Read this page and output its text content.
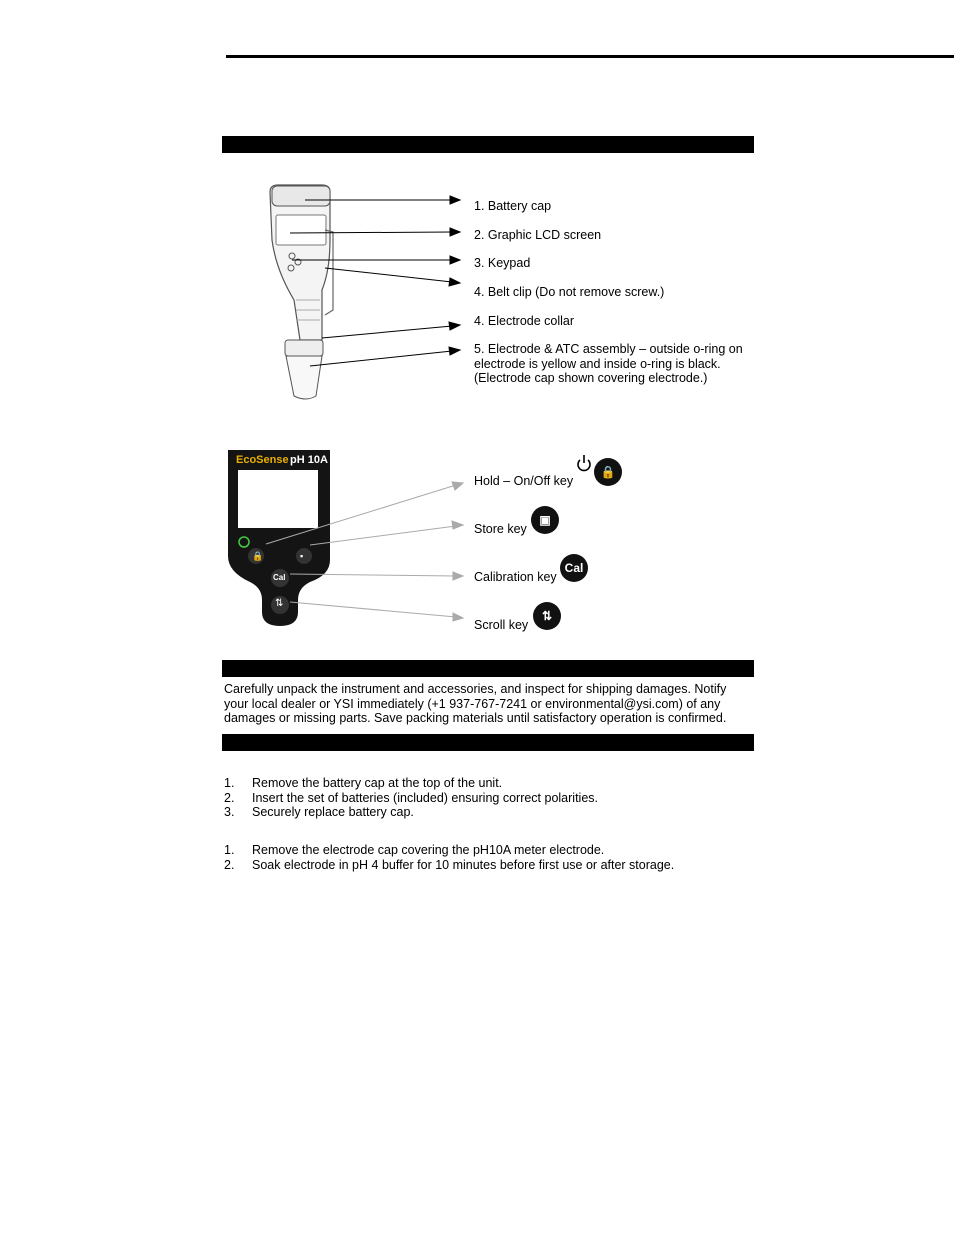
1. Battery cap
2. Graphic LCD screen
3. Keypad
4. Belt clip (Do not remove screw.)
4. Electrode collar
5. Electrode & ATC assembly – outside o-ring on
electrode is yellow and inside o-ring is black.
(Electrode cap shown covering electrode.)
EcoSense pH 10A
🔒	▪
Cal
⇅
Hold – On/Off key
🔒
Store key
▣
Calibration key
Cal
Scroll key
⇅
Carefully unpack the instrument and accessories, and inspect for shipping damages. Notify your local dealer or YSI immediately (+1 937-767-7241 or environmental@ysi.com) of any damages or missing parts. Save packing materials until satisfactory operation is confirmed.
1.	Remove the battery cap at the top of the unit.
2.	Insert the set of batteries (included) ensuring correct polarities.
3.	Securely replace battery cap.
1.	Remove the electrode cap covering the pH10A meter electrode.
2.	Soak electrode in pH 4 buffer for 10 minutes before first use or after storage.
